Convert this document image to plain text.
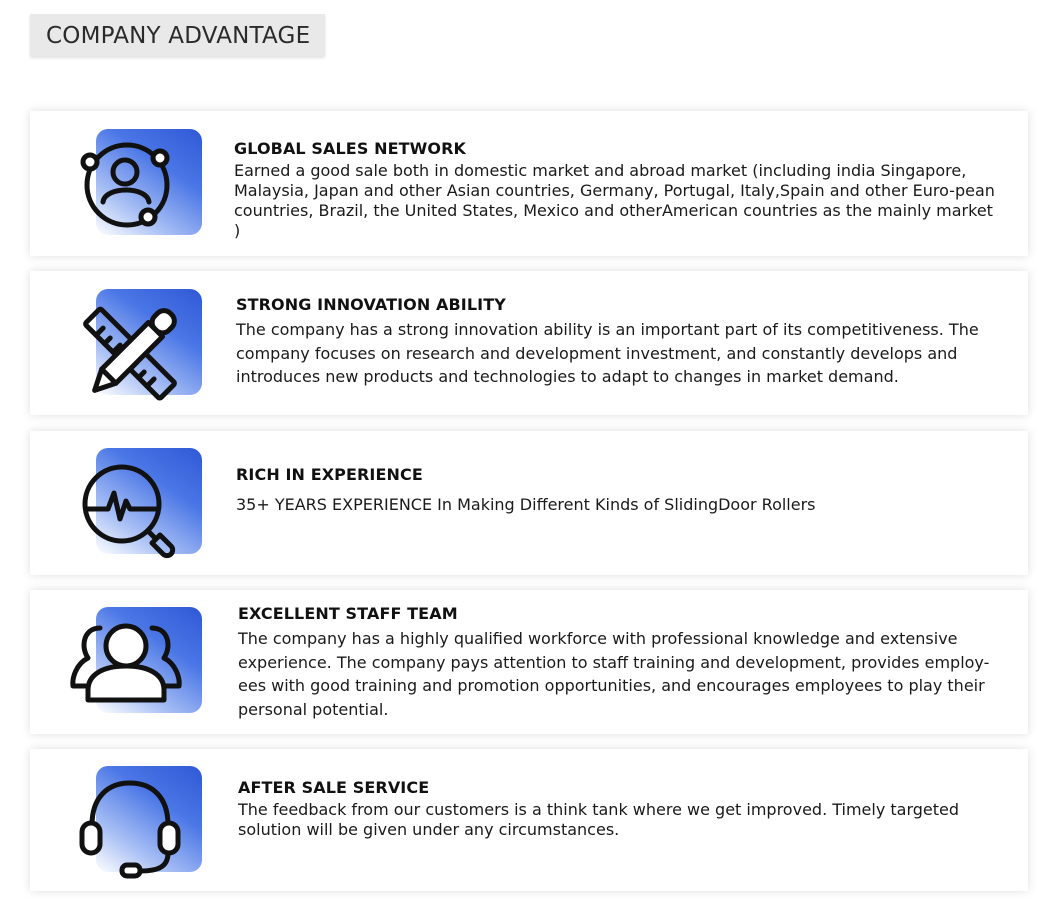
COMPANY ADVANTAGE
GLOBAL SALES NETWORK
Earned a good sale both in domestic market and abroad market (including india Singapore, Malaysia, Japan and other Asian countries, Germany, Portugal, Italy,Spain and other Euro-pean countries, Brazil, the United States, Mexico and otherAmerican countries as the mainly market )
STRONG INNOVATION ABILITY
The company has a strong innovation ability is an important part of its competitiveness. The company focuses on research and development investment, and constantly develops and introduces new products and technologies to adapt to changes in market demand.
RICH IN EXPERIENCE
35+ YEARS EXPERIENCE In Making Different Kinds of SlidingDoor Rollers
EXCELLENT STAFF TEAM
The company has a highly qualified workforce with professional knowledge and extensive experience. The company pays attention to staff training and development, provides employ-ees with good training and promotion opportunities, and encourages employees to play their personal potential.
AFTER SALE SERVICE
The feedback from our customers is a think tank where we get improved. Timely targeted solution will be given under any circumstances.
